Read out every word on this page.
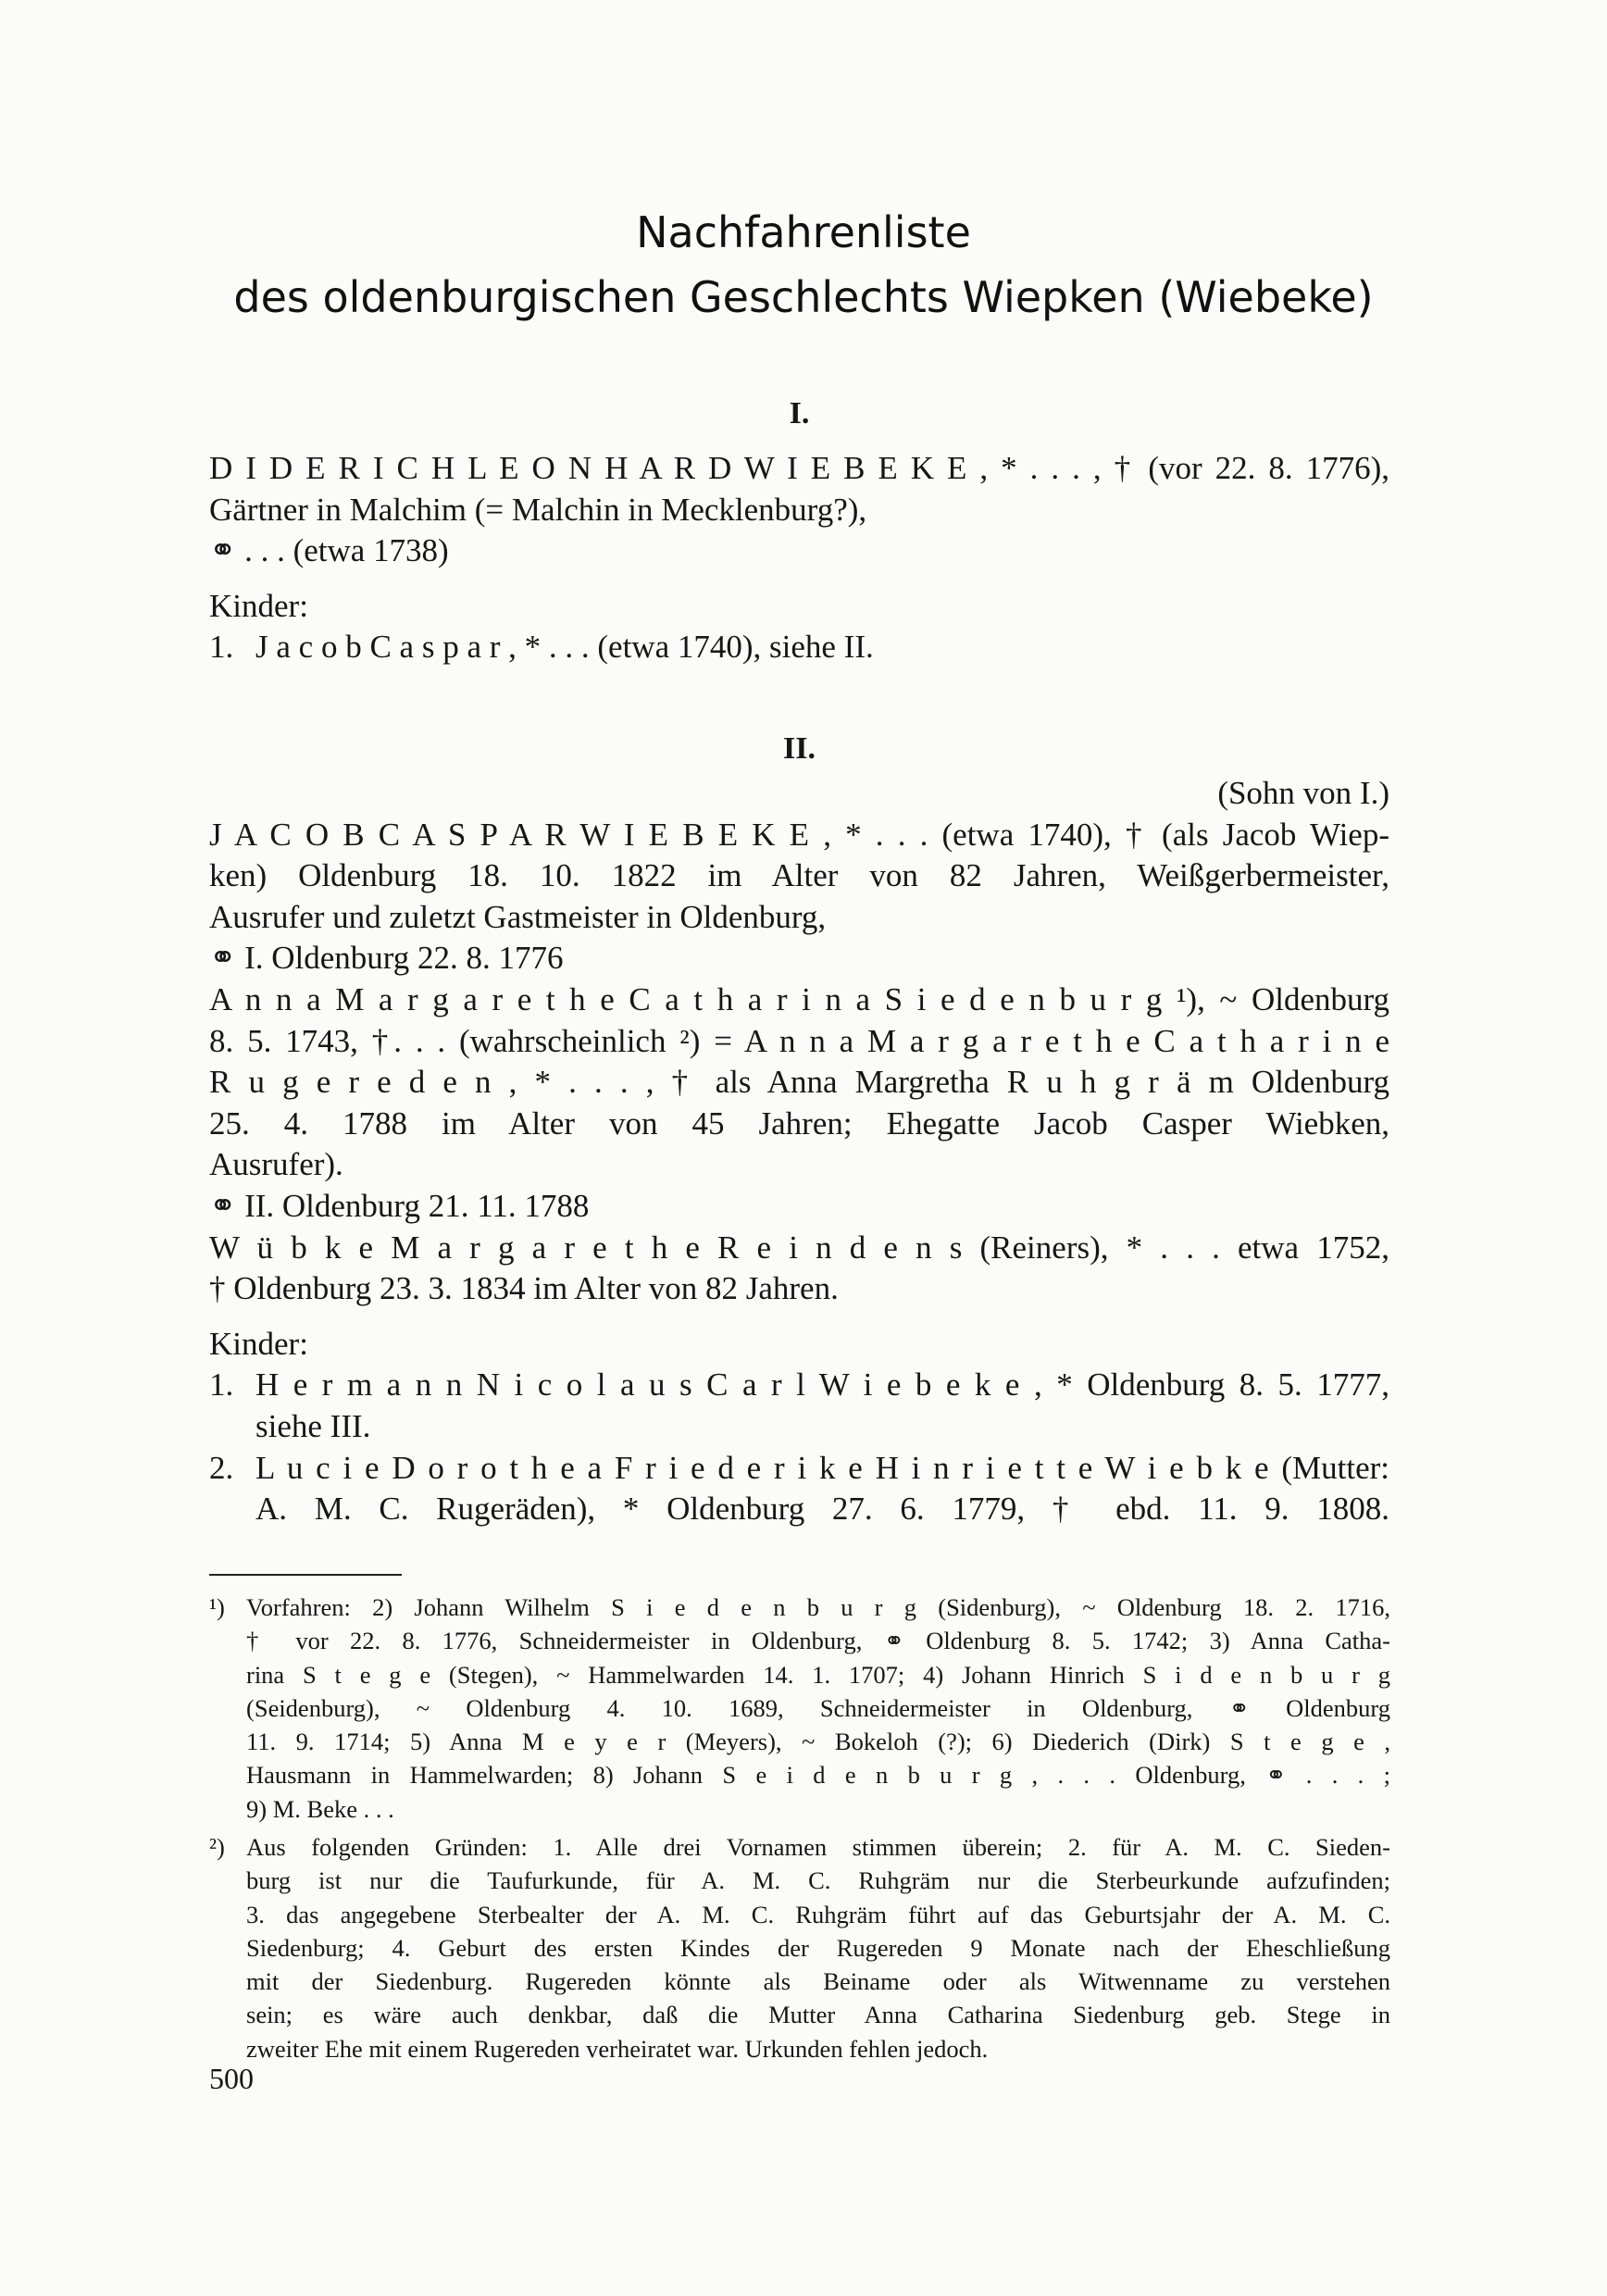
Nachfahrenliste
des oldenburgischen Geschlechts Wiepken (Wiebeke)
I.

D I D E R I C H L E O N H A R D W I E B E K E , * . . . , † (vor 22. 8. 1776),

Gärtner in Malchim (= Malchin in Mecklenburg?),

⚭ . . . (etwa 1738)

Kinder:

1. J a c o b C a s p a r , * . . . (etwa 1740), siehe II.

II.

(Sohn von I.)

J A C O B C A S P A R W I E B E K E , * . . . (etwa 1740), † (als Jacob Wiep-

ken) Oldenburg 18. 10. 1822 im Alter von 82 Jahren, Weißgerbermeister,

Ausrufer und zuletzt Gastmeister in Oldenburg,

⚭ I. Oldenburg 22. 8. 1776

A n n a M a r g a r e t h e C a t h a r i n a S i e d e n b u r g ¹), ~ Oldenburg

8. 5. 1743, †. . . (wahrscheinlich ²) = A n n a M a r g a r e t h e C a t h a r i n e

R u g e r e d e n , * . . . , † als Anna Margretha R u h g r ä m Oldenburg

25. 4. 1788 im Alter von 45 Jahren; Ehegatte Jacob Casper Wiebken,

Ausrufer).

⚭ II. Oldenburg 21. 11. 1788

W ü b k e M a r g a r e t h e R e i n d e n s (Reiners), * . . . etwa 1752,

† Oldenburg 23. 3. 1834 im Alter von 82 Jahren.

Kinder:

1. H e r m a n n N i c o l a u s C a r l W i e b e k e , * Oldenburg 8. 5. 1777,

siehe III.

2. L u c i e D o r o t h e a F r i e d e r i k e H i n r i e t t e W i e b k e (Mutter:

A. M. C. Rugeräden), * Oldenburg 27. 6. 1779, † ebd. 11. 9. 1808.

¹) Vorfahren: 2) Johann Wilhelm S i e d e n b u r g (Sidenburg), ~ Oldenburg 18. 2. 1716,

† vor 22. 8. 1776, Schneidermeister in Oldenburg, ⚭ Oldenburg 8. 5. 1742; 3) Anna Catha-

rina S t e g e (Stegen), ~ Hammelwarden 14. 1. 1707; 4) Johann Hinrich S i d e n b u r g

(Seidenburg), ~ Oldenburg 4. 10. 1689, Schneidermeister in Oldenburg, ⚭ Oldenburg

11. 9. 1714; 5) Anna M e y e r (Meyers), ~ Bokeloh (?); 6) Diederich (Dirk) S t e g e ,

Hausmann in Hammelwarden; 8) Johann S e i d e n b u r g , . . . Oldenburg, ⚭ . . . ;

9) M. Beke . . .

²) Aus folgenden Gründen: 1. Alle drei Vornamen stimmen überein; 2. für A. M. C. Sieden-

burg ist nur die Taufurkunde, für A. M. C. Ruhgräm nur die Sterbeurkunde aufzufinden;

3. das angegebene Sterbealter der A. M. C. Ruhgräm führt auf das Geburtsjahr der A. M. C.

Siedenburg; 4. Geburt des ersten Kindes der Rugereden 9 Monate nach der Eheschließung

mit der Siedenburg. Rugereden könnte als Beiname oder als Witwenname zu verstehen

sein; es wäre auch denkbar, daß die Mutter Anna Catharina Siedenburg geb. Stege in

zweiter Ehe mit einem Rugereden verheiratet war. Urkunden fehlen jedoch.

500
